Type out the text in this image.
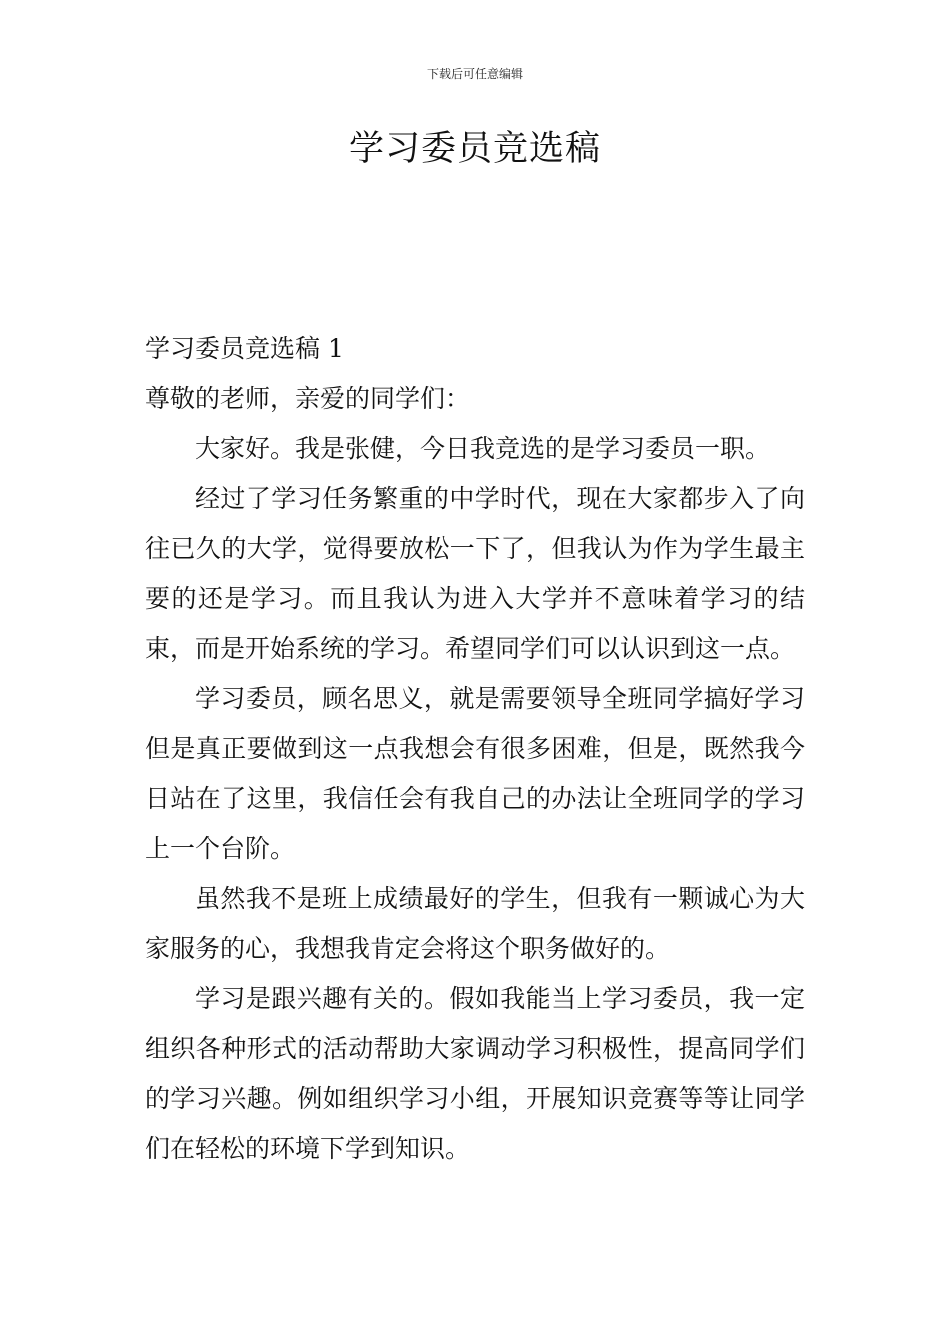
下载后可任意编辑
学习委员竞选稿

学习委员竞选稿 1

尊敬的老师，亲爱的同学们：

大家好。我是张健，今日我竞选的是学习委员一职。

经过了学习任务繁重的中学时代，现在大家都步入了向往已久的大学，觉得要放松一下了，但我认为作为学生最主要的还是学习。而且我认为进入大学并不意味着学习的结束，而是开始系统的学习。希望同学们可以认识到这一点。

学习委员，顾名思义，就是需要领导全班同学搞好学习但是真正要做到这一点我想会有很多困难，但是，既然我今日站在了这里，我信任会有我自己的办法让全班同学的学习上一个台阶。

虽然我不是班上成绩最好的学生，但我有一颗诚心为大家服务的心，我想我肯定会将这个职务做好的。

学习是跟兴趣有关的。假如我能当上学习委员，我一定组织各种形式的活动帮助大家调动学习积极性，提高同学们的学习兴趣。例如组织学习小组，开展知识竞赛等等让同学们在轻松的环境下学到知识。
